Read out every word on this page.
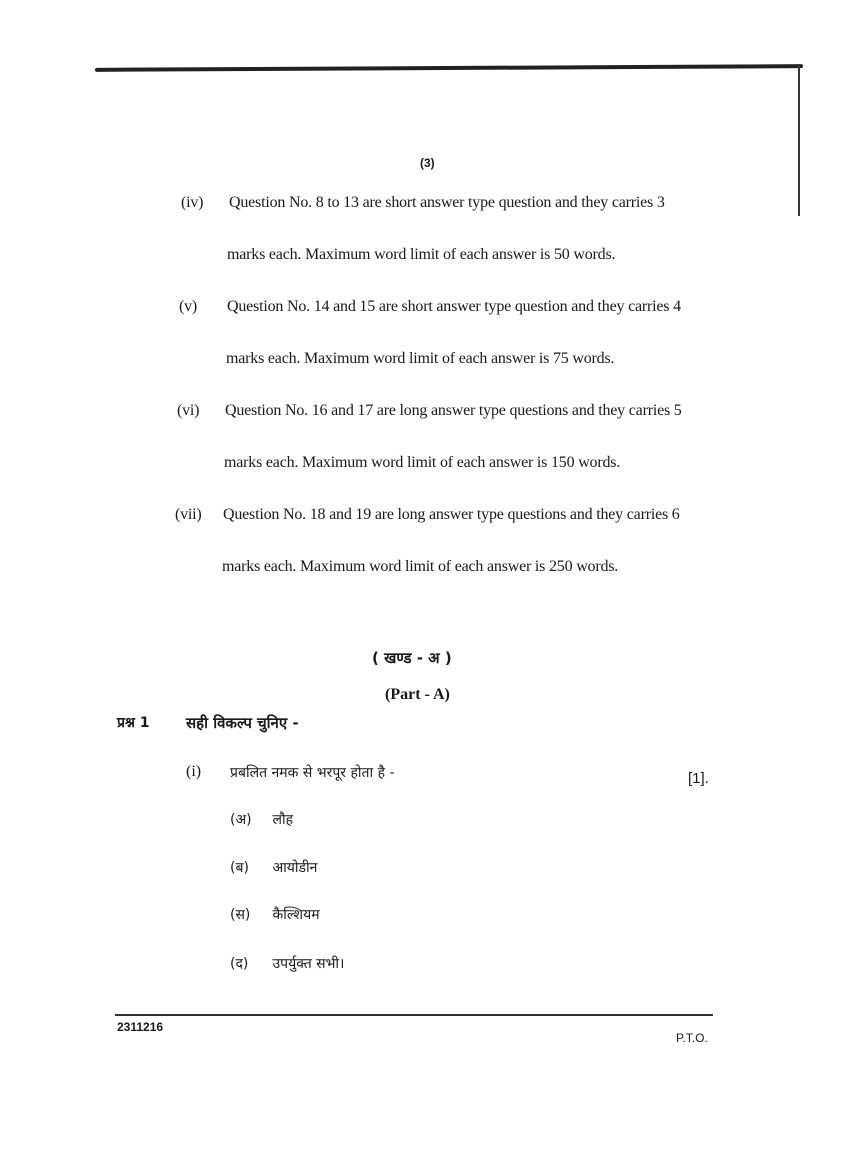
(3)
(iv) Question No. 8 to 13 are short answer type question and they carries 3
marks each. Maximum word limit of each answer is 50 words.
(v) Question No. 14 and 15 are short answer type question and they carries 4
marks each. Maximum word limit of each answer is 75 words.
(vi) Question No. 16 and 17 are long answer type questions and they carries 5
marks each. Maximum word limit of each answer is 150 words.
(vii) Question No. 18 and 19 are long answer type questions and they carries 6
marks each. Maximum word limit of each answer is 250 words.
( खण्ड - अ )
(Part - A)
प्रश्न 1 सही विकल्प चुनिए -
(i) प्रबलित नमक से भरपूर होता है -	[1].
(अ) लौह
(ब) आयोडीन
(स) कैल्शियम
(द) उपर्युक्त सभी।
2311216
P.T.O.
